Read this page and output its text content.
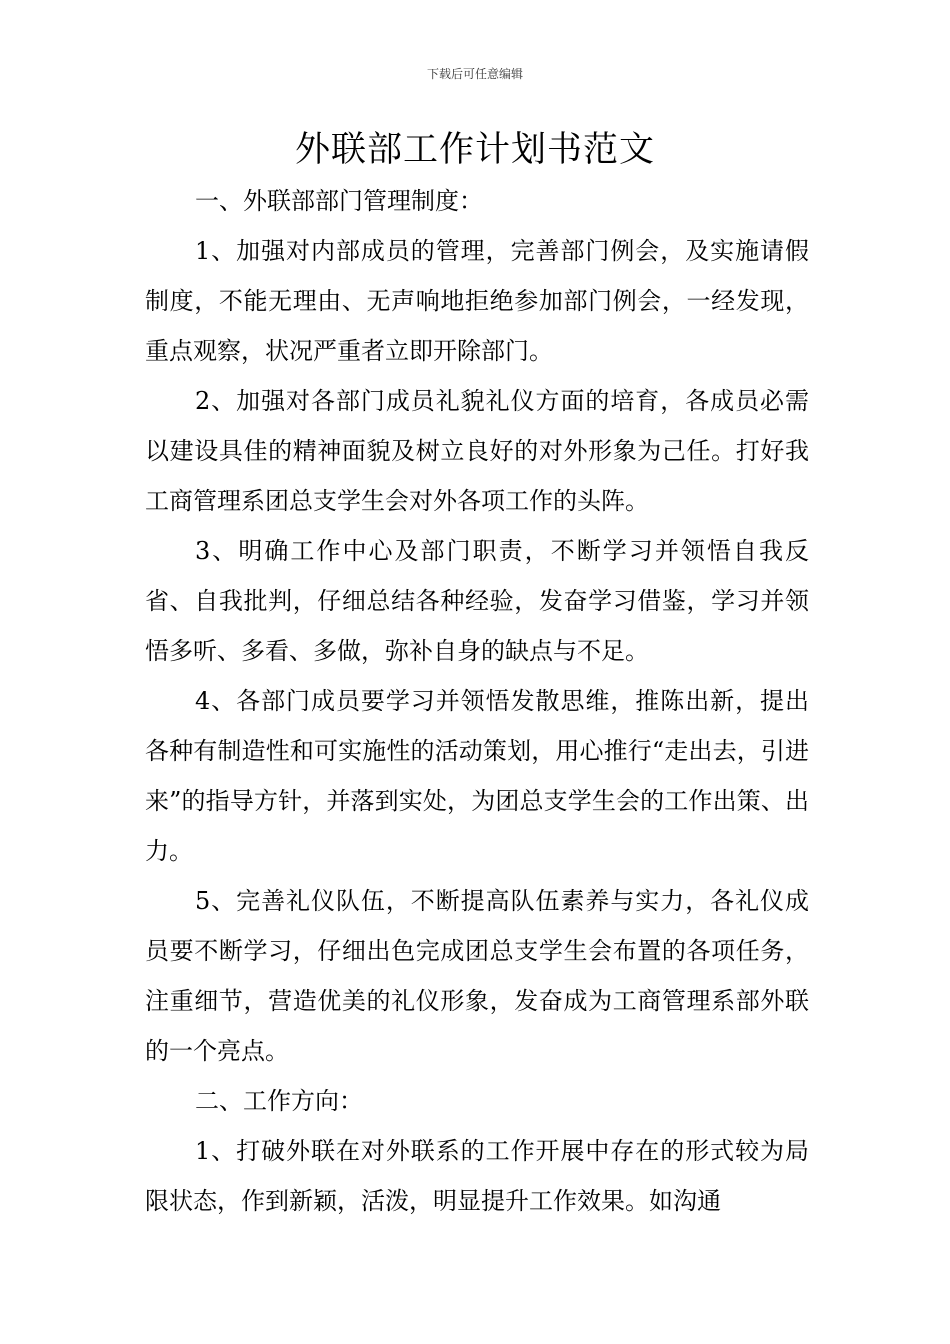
下载后可任意编辑
外联部工作计划书范文

一、外联部部门管理制度：

1、加强对内部成员的管理，完善部门例会，及实施请假制度，不能无理由、无声响地拒绝参加部门例会，一经发现，重点观察，状况严重者立即开除部门。

2、加强对各部门成员礼貌礼仪方面的培育，各成员必需以建设具佳的精神面貌及树立良好的对外形象为己任。打好我工商管理系团总支学生会对外各项工作的头阵。

3、明确工作中心及部门职责，不断学习并领悟自我反省、自我批判，仔细总结各种经验，发奋学习借鉴，学习并领悟多听、多看、多做，弥补自身的缺点与不足。

4、各部门成员要学习并领悟发散思维，推陈出新，提出各种有制造性和可实施性的活动策划，用心推行“走出去，引进来”的指导方针，并落到实处，为团总支学生会的工作出策、出力。

5、完善礼仪队伍，不断提高队伍素养与实力，各礼仪成员要不断学习，仔细出色完成团总支学生会布置的各项任务，注重细节，营造优美的礼仪形象，发奋成为工商管理系部外联的一个亮点。

二、工作方向：

1、打破外联在对外联系的工作开展中存在的形式较为局限状态，作到新颖，活泼，明显提升工作效果。如沟通
